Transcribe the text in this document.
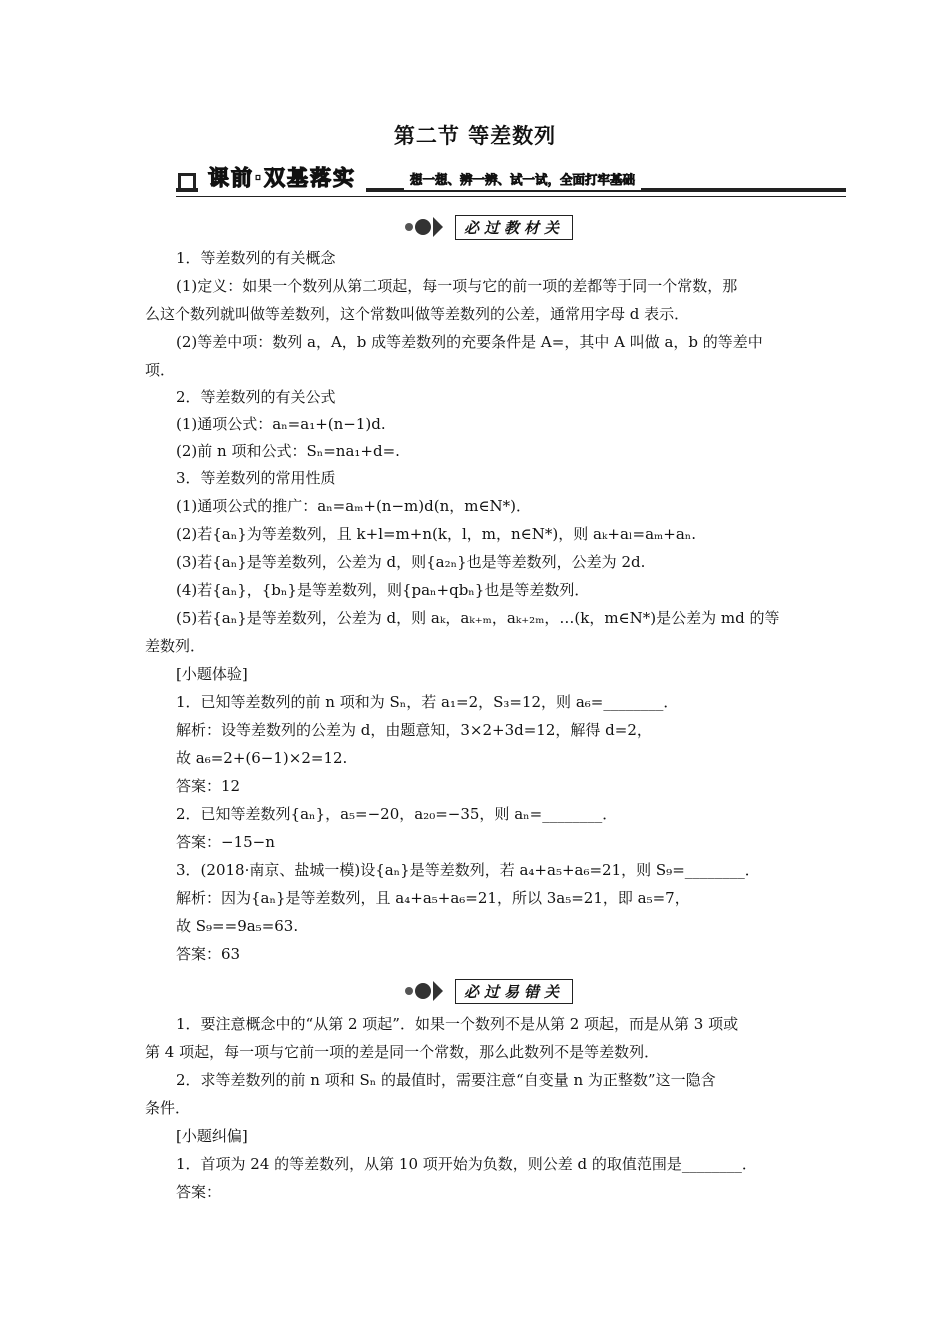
第二节 等差数列
课前·双基落实	想一想、辨一辨、试一试，全面打牢基础
必过教材关
1．等差数列的有关概念
(1)定义：如果一个数列从第二项起，每一项与它的前一项的差都等于同一个常数，那
么这个数列就叫做等差数列，这个常数叫做等差数列的公差，通常用字母 d 表示．
(2)等差中项：数列 a，A，b 成等差数列的充要条件是 A=，其中 A 叫做 a，b 的等差中
项．
2．等差数列的有关公式
(1)通项公式：aₙ=a₁+(n−1)d.
(2)前 n 项和公式：Sₙ=na₁+d=.
3．等差数列的常用性质
(1)通项公式的推广：aₙ=aₘ+(n−m)d(n，m∈N*)．
(2)若{aₙ}为等差数列，且 k+l=m+n(k，l，m，n∈N*)，则 aₖ+aₗ=aₘ+aₙ.
(3)若{aₙ}是等差数列，公差为 d，则{a₂ₙ}也是等差数列，公差为 2d.
(4)若{aₙ}，{bₙ}是等差数列，则{paₙ+qbₙ}也是等差数列．
(5)若{aₙ}是等差数列，公差为 d，则 aₖ，aₖ₊ₘ，aₖ₊₂ₘ，…(k，m∈N*)是公差为 md 的等
差数列．
[小题体验]
1．已知等差数列的前 n 项和为 Sₙ，若 a₁=2，S₃=12，则 a₆=________．
解析：设等差数列的公差为 d，由题意知，3×2+3d=12，解得 d=2，
故 a₆=2+(6−1)×2=12.
答案：12
2．已知等差数列{aₙ}，a₅=−20，a₂₀=−35，则 aₙ=________．
答案：−15−n
3．(2018·南京、盐城一模)设{aₙ}是等差数列，若 a₄+a₅+a₆=21，则 S₉=________．
解析：因为{aₙ}是等差数列，且 a₄+a₅+a₆=21，所以 3a₅=21，即 a₅=7，
故 S₉==9a₅=63.
答案：63
必过易错关
1．要注意概念中的“从第 2 项起”．如果一个数列不是从第 2 项起，而是从第 3 项或
第 4 项起，每一项与它前一项的差是同一个常数，那么此数列不是等差数列．
2．求等差数列的前 n 项和 Sₙ 的最值时，需要注意“自变量 n 为正整数”这一隐含
条件．
[小题纠偏]
1．首项为 24 的等差数列，从第 10 项开始为负数，则公差 d 的取值范围是________．
答案：
